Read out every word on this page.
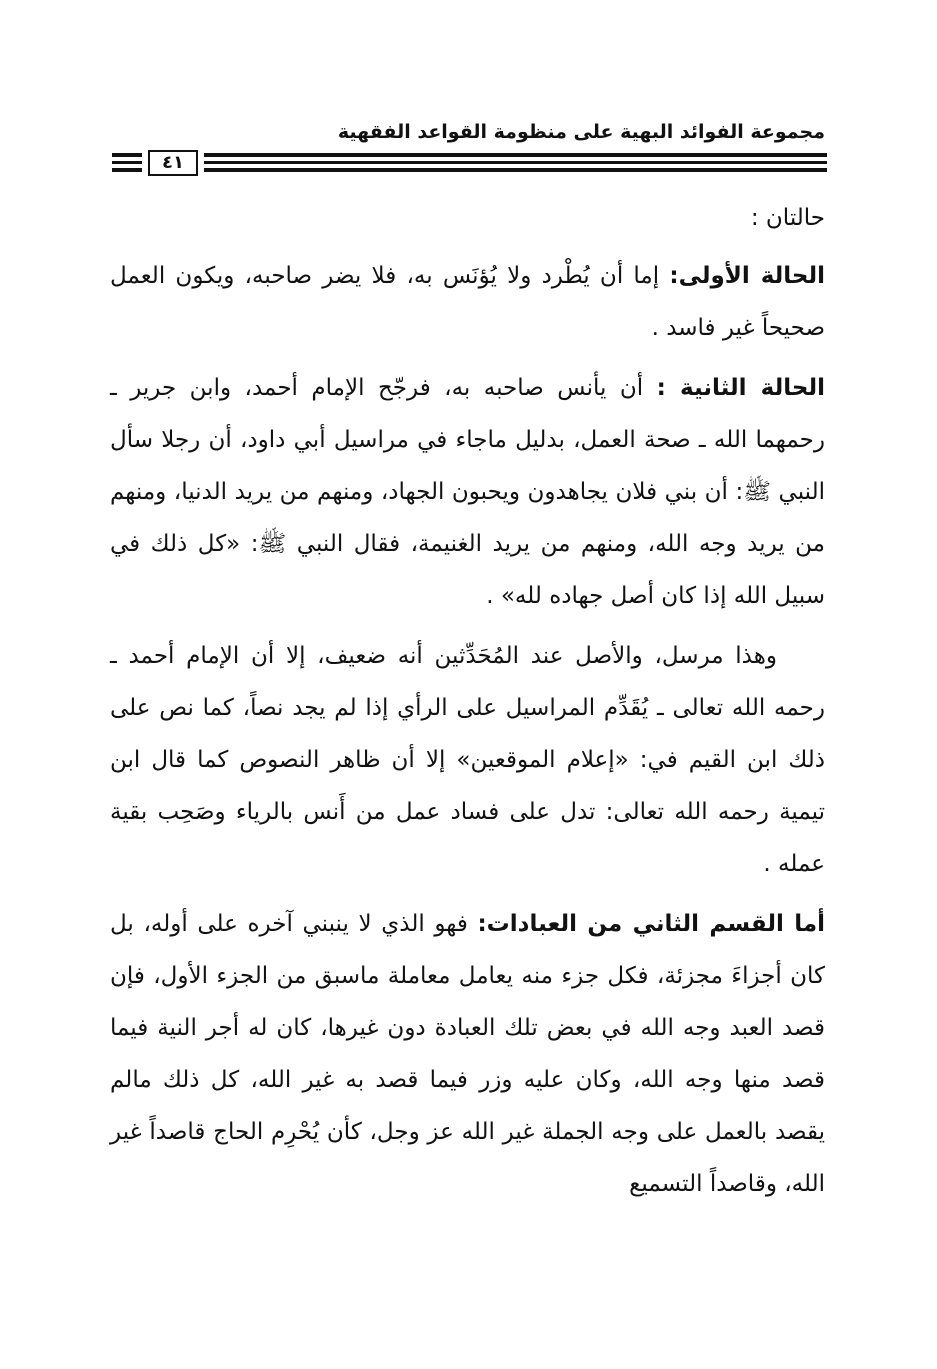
مجموعة الفوائد البهية على منظومة القواعد الفقهية
٤١

حالتان :

الحالة الأولى: إما أن يُطْرد ولا يُؤنَس به، فلا يضر صاحبه، ويكون العمل صحيحاً غير فاسد .

الحالة الثانية : أن يأنس صاحبه به، فرجّح الإمام أحمد، وابن جرير ـ رحمهما الله ـ صحة العمل، بدليل ماجاء في مراسيل أبي داود، أن رجلا سأل النبي ﷺ: أن بني فلان يجاهدون ويحبون الجهاد، ومنهم من يريد الدنيا، ومنهم من يريد وجه الله، ومنهم من يريد الغنيمة، فقال النبي ﷺ: «كل ذلك في سبيل الله إذا كان أصل جهاده لله» .

وهذا مرسل، والأصل عند المُحَدِّثين أنه ضعيف، إلا أن الإمام أحمد ـ رحمه الله تعالى ـ يُقَدِّم المراسيل على الرأي إذا لم يجد نصاً، كما نص على ذلك ابن القيم في: «إعلام الموقعين» إلا أن ظاهر النصوص كما قال ابن تيمية رحمه الله تعالى: تدل على فساد عمل من أَنس بالرياء وصَحِب بقية عمله .

أما القسم الثاني من العبادات: فهو الذي لا ينبني آخره على أوله، بل كان أجزاءَ مجزئة، فكل جزء منه يعامل معاملة ماسبق من الجزء الأول، فإن قصد العبد وجه الله في بعض تلك العبادة دون غيرها، كان له أجر النية فيما قصد منها وجه الله، وكان عليه وزر فيما قصد به غير الله، كل ذلك مالم يقصد بالعمل على وجه الجملة غير الله عز وجل، كأن يُحْرِم الحاج قاصداً غير الله، وقاصداً التسميع
